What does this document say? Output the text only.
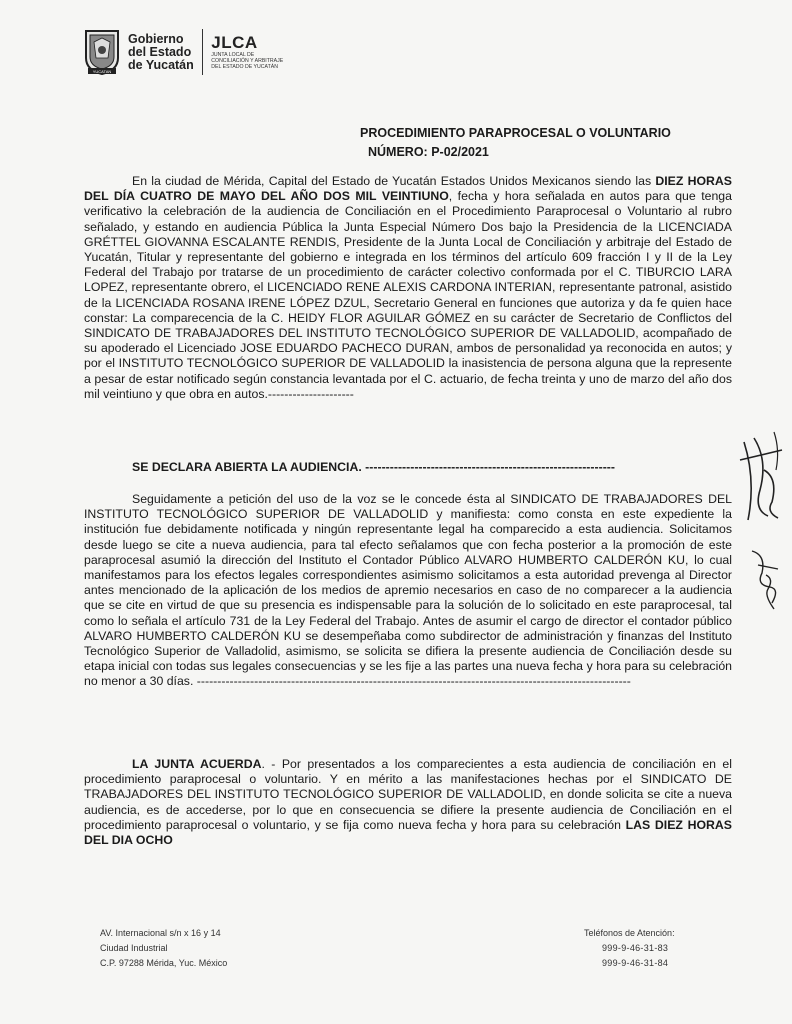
YUCATAN
Gobierno
del Estado
de Yucatán
JLCA
JUNTA LOCAL DE
CONCILIACIÓN Y ARBITRAJE
DEL ESTADO DE YUCATÁN
PROCEDIMIENTO PARAPROCESAL O VOLUNTARIO
NÚMERO: P-02/2021
En la ciudad de Mérida, Capital del Estado de Yucatán Estados Unidos Mexicanos siendo las DIEZ HORAS DEL DÍA CUATRO DE MAYO DEL AÑO DOS MIL VEINTIUNO, fecha y hora señalada en autos para que tenga verificativo la celebración de la audiencia de Conciliación en el Procedimiento Paraprocesal o Voluntario al rubro señalado, y estando en audiencia Pública la Junta Especial Número Dos bajo la Presidencia de la LICENCIADA GRÉTTEL GIOVANNA ESCALANTE RENDIS, Presidente de la Junta Local de Conciliación y arbitraje del Estado de Yucatán, Titular y representante del gobierno e integrada en los términos del artículo 609 fracción I y II de la Ley Federal del Trabajo por tratarse de un procedimiento de carácter colectivo conformada por el C. TIBURCIO LARA LOPEZ, representante obrero, el LICENCIADO RENE ALEXIS CARDONA INTERIAN, representante patronal, asistido de la LICENCIADA ROSANA IRENE LÓPEZ DZUL, Secretario General en funciones que autoriza y da fe quien hace constar: La comparecencia de la C. HEIDY FLOR AGUILAR GÓMEZ en su carácter de Secretario de Conflictos del SINDICATO DE TRABAJADORES DEL INSTITUTO TECNOLÓGICO SUPERIOR DE VALLADOLID, acompañado de su apoderado el Licenciado JOSE EDUARDO PACHECO DURAN, ambos de personalidad ya reconocida en autos; y por el INSTITUTO TECNOLÓGICO SUPERIOR DE VALLADOLID la inasistencia de persona alguna que la represente a pesar de estar notificado según constancia levantada por el C. actuario, de fecha treinta y uno de marzo del año dos mil veintiuno y que obra en autos.---------------------
SE DECLARA ABIERTA LA AUDIENCIA. -------------------------------------------------------------
Seguidamente a petición del uso de la voz se le concede ésta al SINDICATO DE TRABAJADORES DEL INSTITUTO TECNOLÓGICO SUPERIOR DE VALLADOLID y manifiesta: como consta en este expediente la institución fue debidamente notificada y ningún representante legal ha comparecido a esta audiencia. Solicitamos desde luego se cite a nueva audiencia, para tal efecto señalamos que con fecha posterior a la promoción de este paraprocesal asumió la dirección del Instituto el Contador Público ALVARO HUMBERTO CALDERÓN KU, lo cual manifestamos para los efectos legales correspondientes asimismo solicitamos a esta autoridad prevenga al Director antes mencionado de la aplicación de los medios de apremio necesarios en caso de no comparecer a la audiencia que se cite en virtud de que su presencia es indispensable para la solución de lo solicitado en este paraprocesal, tal como lo señala el artículo 731 de la Ley Federal del Trabajo. Antes de asumir el cargo de director el contador público ALVARO HUMBERTO CALDERÓN KU se desempeñaba como subdirector de administración y finanzas del Instituto Tecnológico Superior de Valladolid, asimismo, se solicita se difiera la presente audiencia de Conciliación desde su etapa inicial con todas sus legales consecuencias y se les fije a las partes una nueva fecha y hora para su celebración no menor a 30 días. ----------------------------------------------------------------------------------------------------------
LA JUNTA ACUERDA. - Por presentados a los comparecientes a esta audiencia de conciliación en el procedimiento paraprocesal o voluntario. Y en mérito a las manifestaciones hechas por el SINDICATO DE TRABAJADORES DEL INSTITUTO TECNOLÓGICO SUPERIOR DE VALLADOLID, en donde solicita se cite a nueva audiencia, es de accederse, por lo que en consecuencia se difiere la presente audiencia de Conciliación en el procedimiento paraprocesal o voluntario, y se fija como nueva fecha y hora para su celebración LAS DIEZ HORAS DEL DIA OCHO
AV. Internacional s/n x 16 y 14
Ciudad Industrial
C.P. 97288 Mérida, Yuc. México
Teléfonos de Atención:
999-9-46-31-83
999-9-46-31-84
